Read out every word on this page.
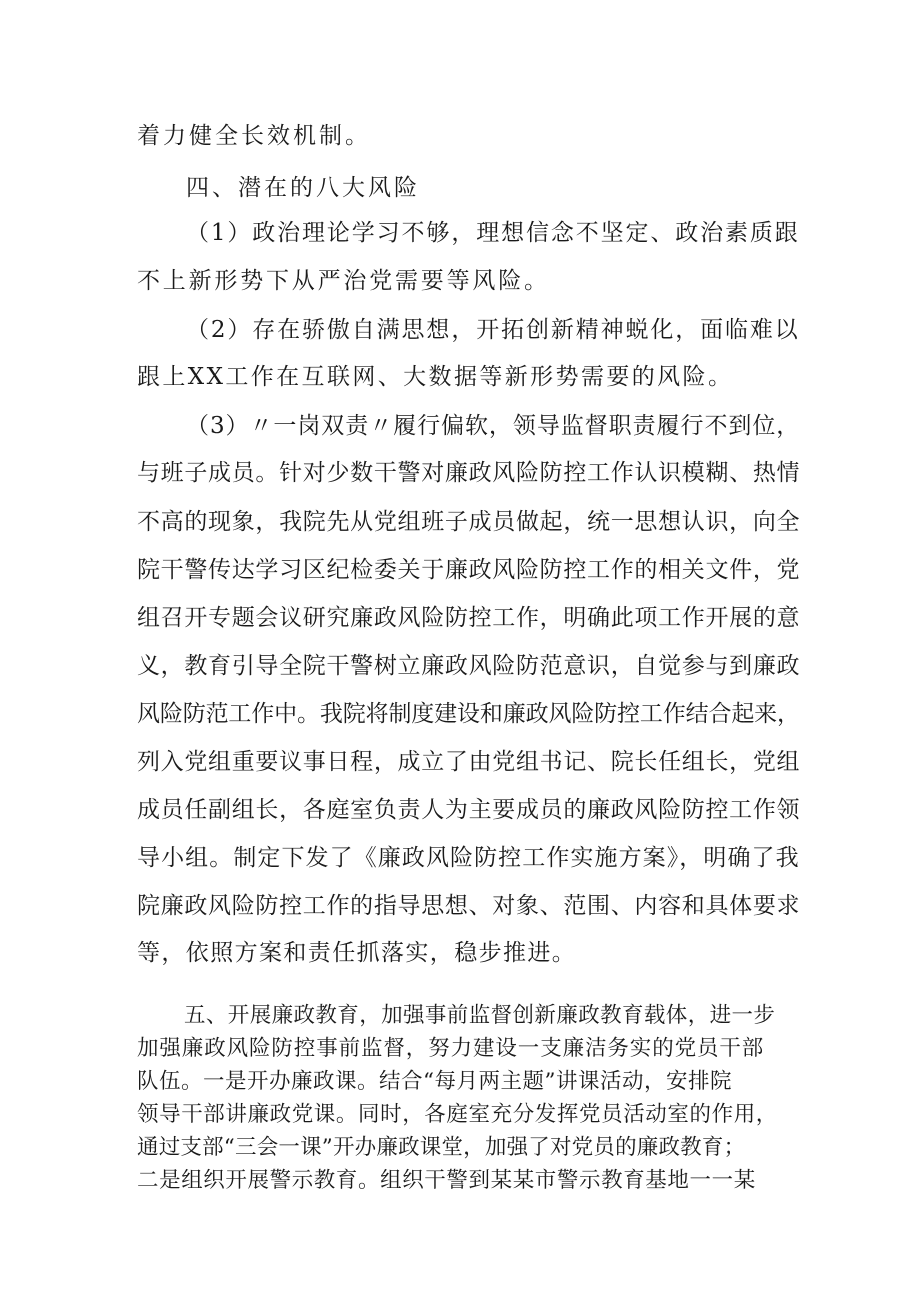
着力健全长效机制。
四、潜在的八大风险
（1）政治理论学习不够，理想信念不坚定、政治素质跟
不上新形势下从严治党需要等风险。
（2）存在骄傲自满思想，开拓创新精神蜕化，面临难以
跟上XX工作在互联网、大数据等新形势需要的风险。
（3）〃一岗双责〃履行偏软，领导监督职责履行不到位，
与班子成员。针对少数干警对廉政风险防控工作认识模糊、热情
不高的现象，我院先从党组班子成员做起，统一思想认识，向全
院干警传达学习区纪检委关于廉政风险防控工作的相关文件，党
组召开专题会议研究廉政风险防控工作，明确此项工作开展的意
义，教育引导全院干警树立廉政风险防范意识，自觉参与到廉政
风险防范工作中。我院将制度建设和廉政风险防控工作结合起来，
列入党组重要议事日程，成立了由党组书记、院长任组长，党组
成员任副组长，各庭室负责人为主要成员的廉政风险防控工作领
导小组。制定下发了《廉政风险防控工作实施方案》，明确了我
院廉政风险防控工作的指导思想、对象、范围、内容和具体要求
等，依照方案和责任抓落实，稳步推进。
五、开展廉政教育，加强事前监督创新廉政教育载体，进一步
加强廉政风险防控事前监督，努力建设一支廉洁务实的党员干部
队伍。一是开办廉政课。结合“每月两主题”讲课活动，安排院
领导干部讲廉政党课。同时，各庭室充分发挥党员活动室的作用，
通过支部“三会一课”开办廉政课堂，加强了对党员的廉政教育；
二是组织开展警示教育。组织干警到某某市警示教育基地一一某
